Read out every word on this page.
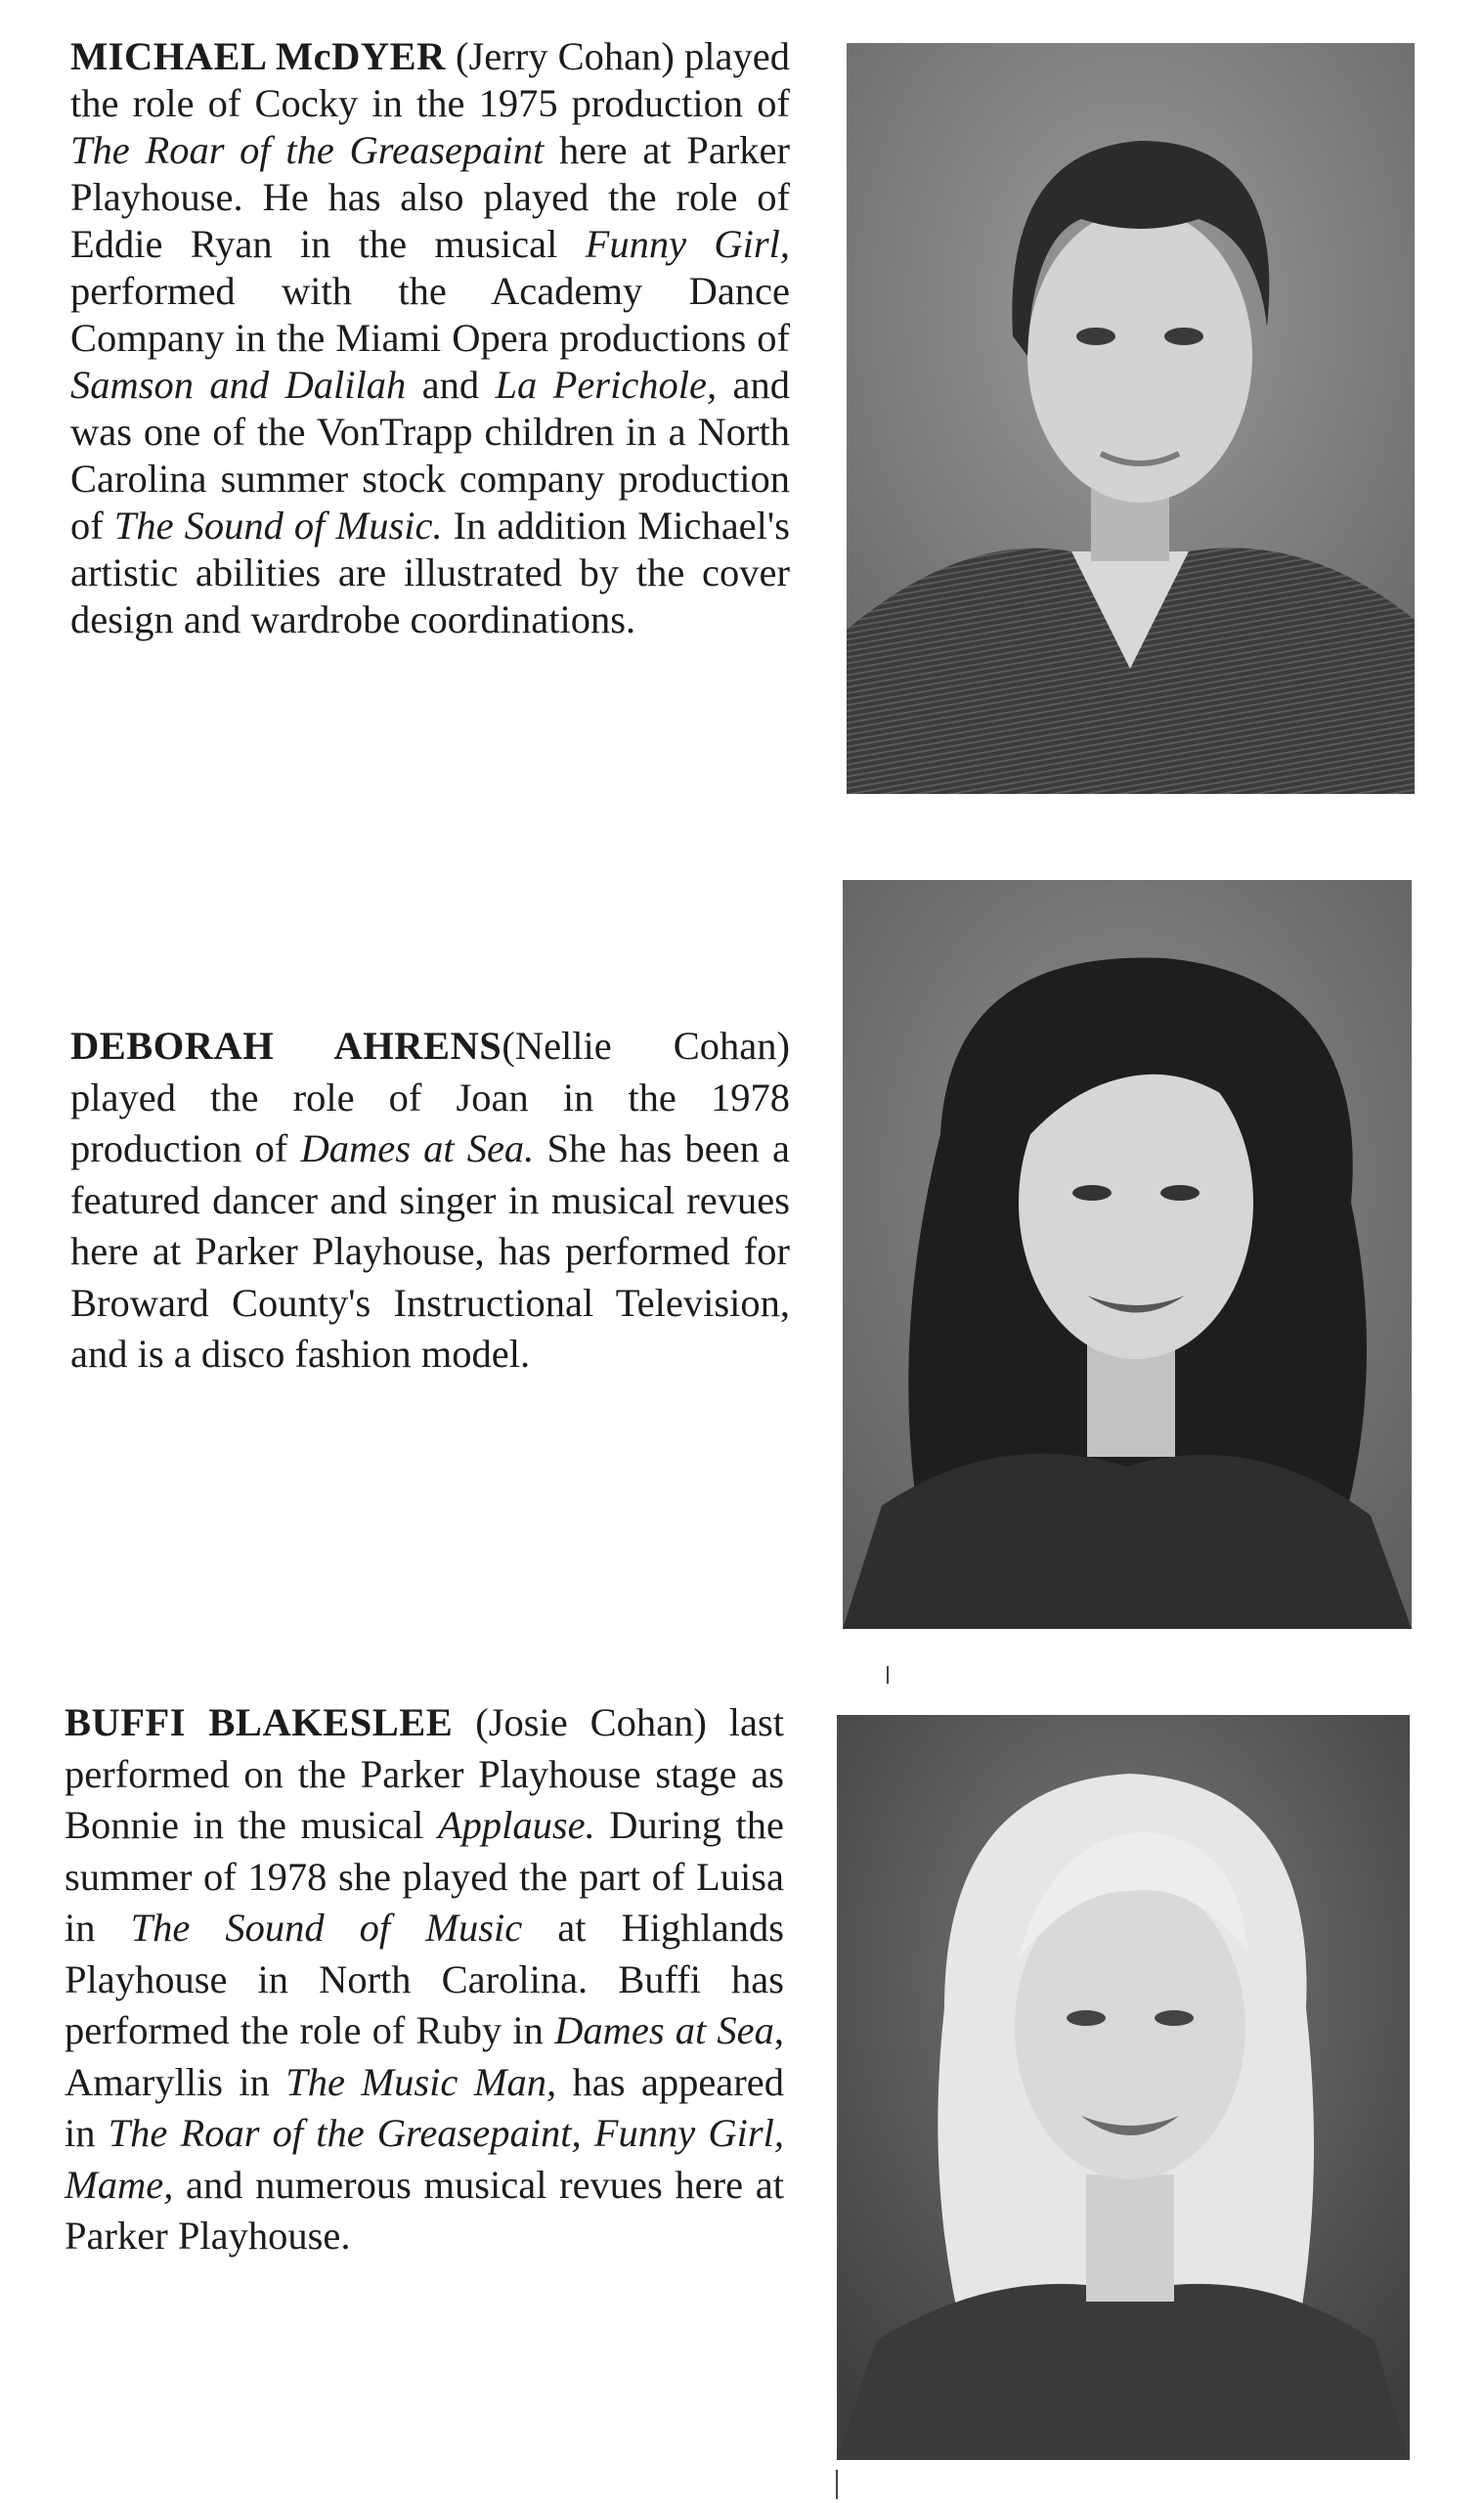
MICHAEL McDYER (Jerry Cohan) played the role of Cocky in the 1975 production of The Roar of the Greasepaint here at Parker Playhouse. He has also played the role of Eddie Ryan in the musical Funny Girl, performed with the Academy Dance Company in the Miami Opera productions of Samson and Dalilah and La Perichole, and was one of the VonTrapp children in a North Carolina summer stock company production of The Sound of Music. In addition Michael's artistic abilities are illustrated by the cover design and wardrobe coordinations.
DEBORAH AHRENS(Nellie Cohan) played the role of Joan in the 1978 production of Dames at Sea. She has been a featured dancer and singer in musical revues here at Parker Playhouse, has performed for Broward County's Instructional Television, and is a disco fashion model.
BUFFI BLAKESLEE (Josie Cohan) last performed on the Parker Playhouse stage as Bonnie in the musical Applause. During the summer of 1978 she played the part of Luisa in The Sound of Music at Highlands Playhouse in North Carolina. Buffi has performed the role of Ruby in Dames at Sea, Amaryllis in The Music Man, has appeared in The Roar of the Greasepaint, Funny Girl, Mame, and numerous musical revues here at Parker Playhouse.
